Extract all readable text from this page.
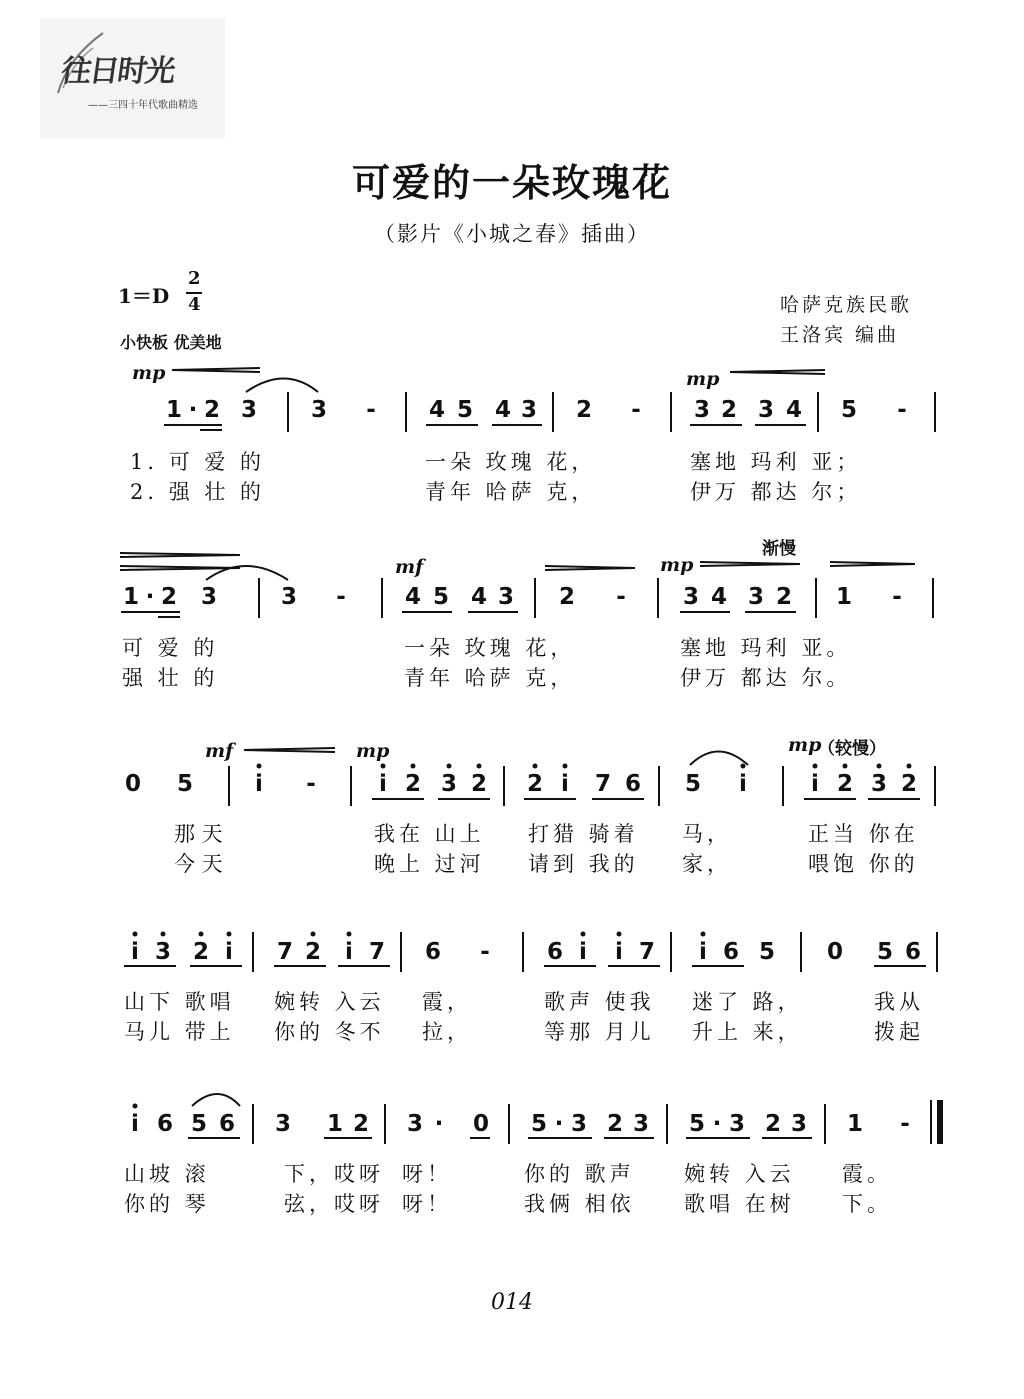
往日时光
——三四十年代歌曲精选
可爱的一朵玫瑰花
（影片《小城之春》插曲）
1＝D
2
4
小快板 优美地
哈萨克族民歌
王洛宾 编曲
mp	mp
1 · 2 3 3 - 4 5 4 3 2 - 3 2 3 4 5 -
1. 可 爱 的	一朵 玫瑰 花，	塞地 玛利 亚；
2. 强 壮 的	青年 哈萨 克，	伊万 都达 尔；
mf	mp
渐慢
1 · 2 3	3 -	4 5 4 3 2 - 3 4 3 2 1 -
可 爱 的	一朵 玫瑰 花，	塞地 玛利 亚。
强 壮 的	青年 哈萨 克，	伊万 都达 尔。
mf	mp	mp
（较慢）
0 5	i -	i 2 3 2 2 i 7 6 5 i	i 2 3 2
那 天	我在 山上 打猎 骑着 马，	正当 你在
今 天	晚上 过河 请到 我的 家，	喂饱 你的
i 3 2 i 7 2 i 7 6 - 6 i i 7 i 6 5 0 5 6
山下 歌唱 婉转 入云 霞，	歌声 使我 迷了 路，	我从
马儿 带上 你的 冬不 拉，	等那 月儿 升上 来，	拨起
i 6 5 6 3 1 2 3 · 0 5 · 3 2 3 5 · 3 2 3 1 -
山坡 滚	下，哎呀 呀！	你的 歌声 婉转 入云 霞。
你的 琴	弦，哎呀 呀！	我俩 相依 歌唱 在树 下。
014
